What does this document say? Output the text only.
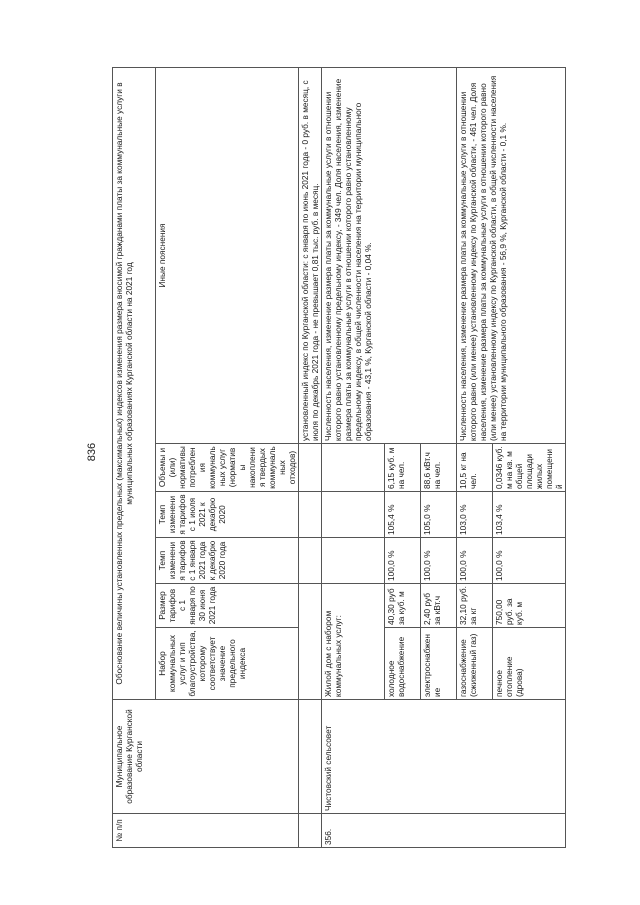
836
№ п/п	Муниципальное образование Курганской области	Обоснование величины установленных предельных (максимальных) индексов изменения размера вносимой гражданами платы за коммунальные услуги в муниципальных образованиях Курганской области на 2021 год					
		Набор коммунальных услуг и тип благоустройства, которому соответствует значение предельного индекса	Размер тарифов с 1 января по 30 июня 2021 года	Темп изменения тарифов с 1 января 2021 года к декабрю 2020 года	Темп изменения тарифов с 1 июля 2021 к декабрю 2020	Объемы и (или) нормативы потребления коммунальных услуг (нормативы накопления твердых коммунальных отходов)	Иные пояснения
							установленный индекс по Курганской области: с января по июнь 2021 года - 0 руб. в месяц, с июля по декабрь 2021 года - не превышает 0,81 тыс. руб. в месяц.
356.	Чистовский сельсовет	Жилой дом с набором коммунальных услуг:					Численность населения, изменение размера платы за коммунальные услуги в отношении которого равно установленному предельному индексу, - 349 чел. Доля населения, изменение размера платы за коммунальные услуги в отношении которого равно установленному предельному индексу, в общей численности населения на территории муниципального образования - 43,1 %, Курганской области - 0,04 %.
		холодное водоснабжение	40,30 руб за куб. м	100,0 %	105,4 %	6,15 куб. м на чел.	
		электроснабжение	2,40 руб за кВт.ч	100,0 %	105,0 %	88,6 кВт.ч на чел.	
		газоснабжение (сжиженный газ)	32,10 руб. за кг	100,0 %	103,0 %	10,5 кг на чел.	Численность населения, изменение размера платы за коммунальные услуги в отношении которого равно (или менее) установленному индексу по Курганской области, - 461 чел. Доля населения, изменение размера платы за коммунальные услуги в отношении которого равно (или менее) установленному индексу по Курганской области, в общей численности населения на территории муниципального образования - 56,9 %, Курганской области - 0,1 %.
		печное отопление (дрова)	750,00 руб. за куб. м	100,0 %	103,4 %	0,0346 куб. м на кв. м общей площади жилых помещений	
